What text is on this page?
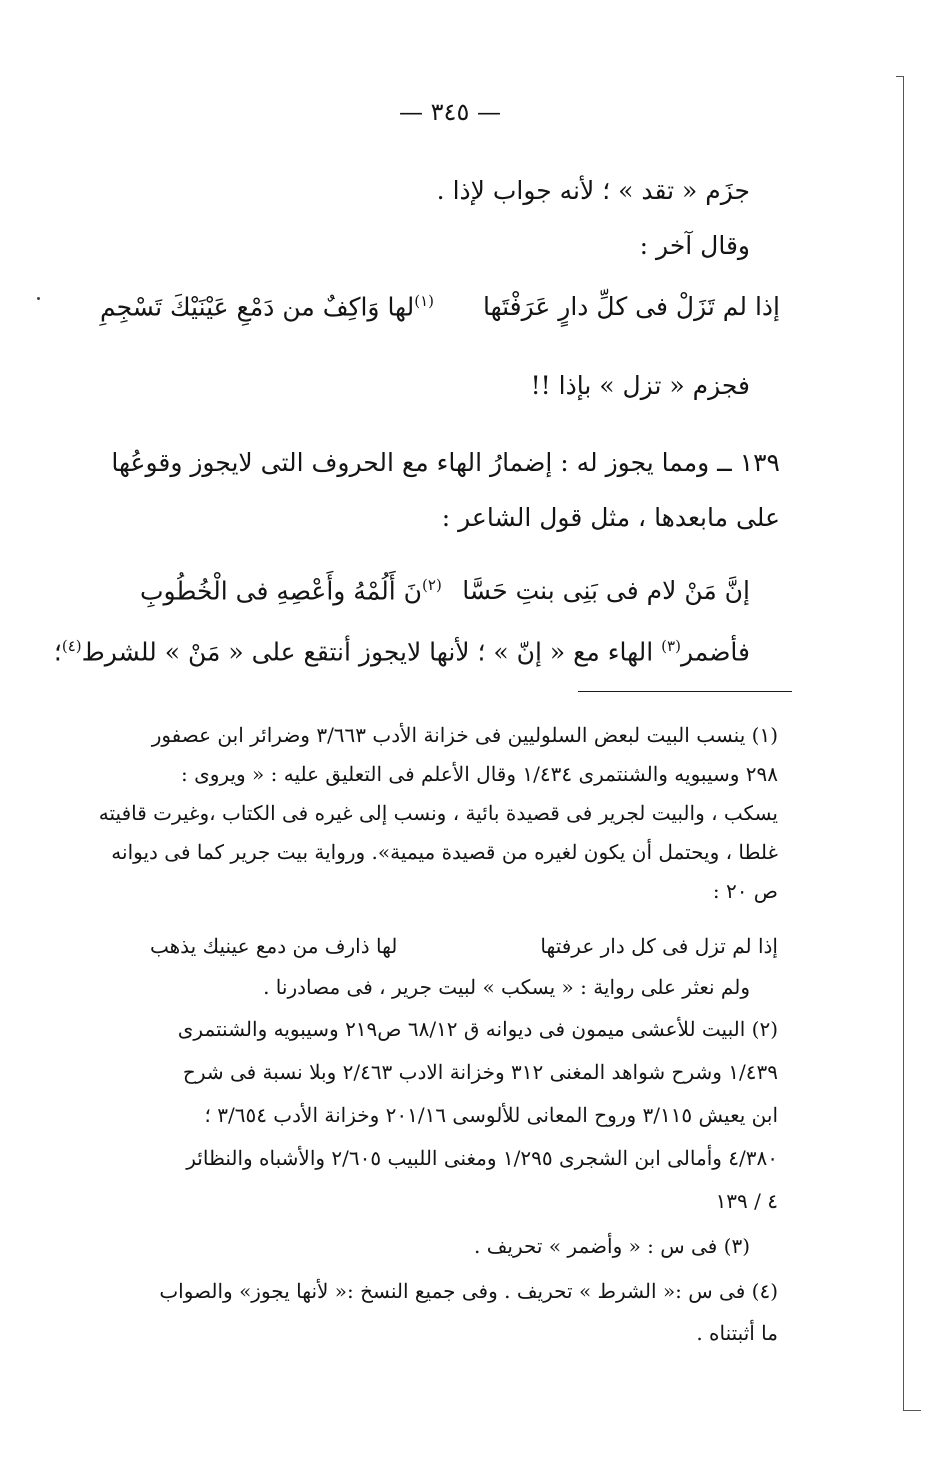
— ٣٤٥ —

جزَم « تقد » ؛ لأنه جواب لإذا .

وقال آخر :

إذا لم تَزَلْ فى كلِّ دارٍ عَرَفْتَها
$^{(١)}$لها وَاكِفٌ من دَمْعِ عَيْنَيْكَ تَسْجِمِ

فجزم « تزل » بإذا !!

١٣٩ ــ ومما يجوز له : إضمارُ الهاء مع الحروف التى لايجوز وقوعُها

على مابعدها ، مثل قول الشاعر :

إنَّ مَنْ لام فى بَنِى بنتِ حَسَّا
$^{(٢)}$نَ أَلُمْهُ وأَعْصِهِ فى الْخُطُوبِ

فأضمر$^{(٣)}$ الهاء مع « إنّ » ؛ لأنها لايجوز أنتقع على « مَنْ » للشرط$^{(٤)}$؛

(١) ينسب البيت لبعض السلوليين فى خزانة الأدب ٣/٦٦٣ وضرائر ابن عصفور

٢٩٨ وسيبويه والشنتمرى ١/٤٣٤ وقال الأعلم فى التعليق عليه : « ويروى :

يسكب ، والبيت لجرير فى قصيدة بائية ، ونسب إلى غيره فى الكتاب ،وغيرت قافيته

غلطا ، ويحتمل أن يكون لغيره من قصيدة ميمية». ورواية بيت جرير كما فى ديوانه

ص ٢٠ :

إذا لم تزل فى كل دار عرفتها
لها ذارف من دمع عينيك يذهب

ولم نعثر على رواية : « يسكب » لبيت جرير ، فى مصادرنا .

(٢) البيت للأعشى ميمون فى ديوانه ق ٦٨/١٢ ص٢١٩ وسيبويه والشنتمرى

١/٤٣٩ وشرح شواهد المغنى ٣١٢ وخزانة الادب ٢/٤٦٣ وبلا نسبة فى شرح

ابن يعيش ٣/١١٥ وروح المعانى للألوسى ٢٠١/١٦ وخزانة الأدب ٣/٦٥٤ ؛

٤/٣٨٠ وأمالى ابن الشجرى ١/٢٩٥ ومغنى اللبيب ٢/٦٠٥ والأشباه والنظائر

٤ / ١٣٩

(٣) فى س : « وأضمر » تحريف .

(٤) فى س :« الشرط » تحريف . وفى جميع النسخ :« لأنها يجوز» والصواب

ما أثبتناه .
